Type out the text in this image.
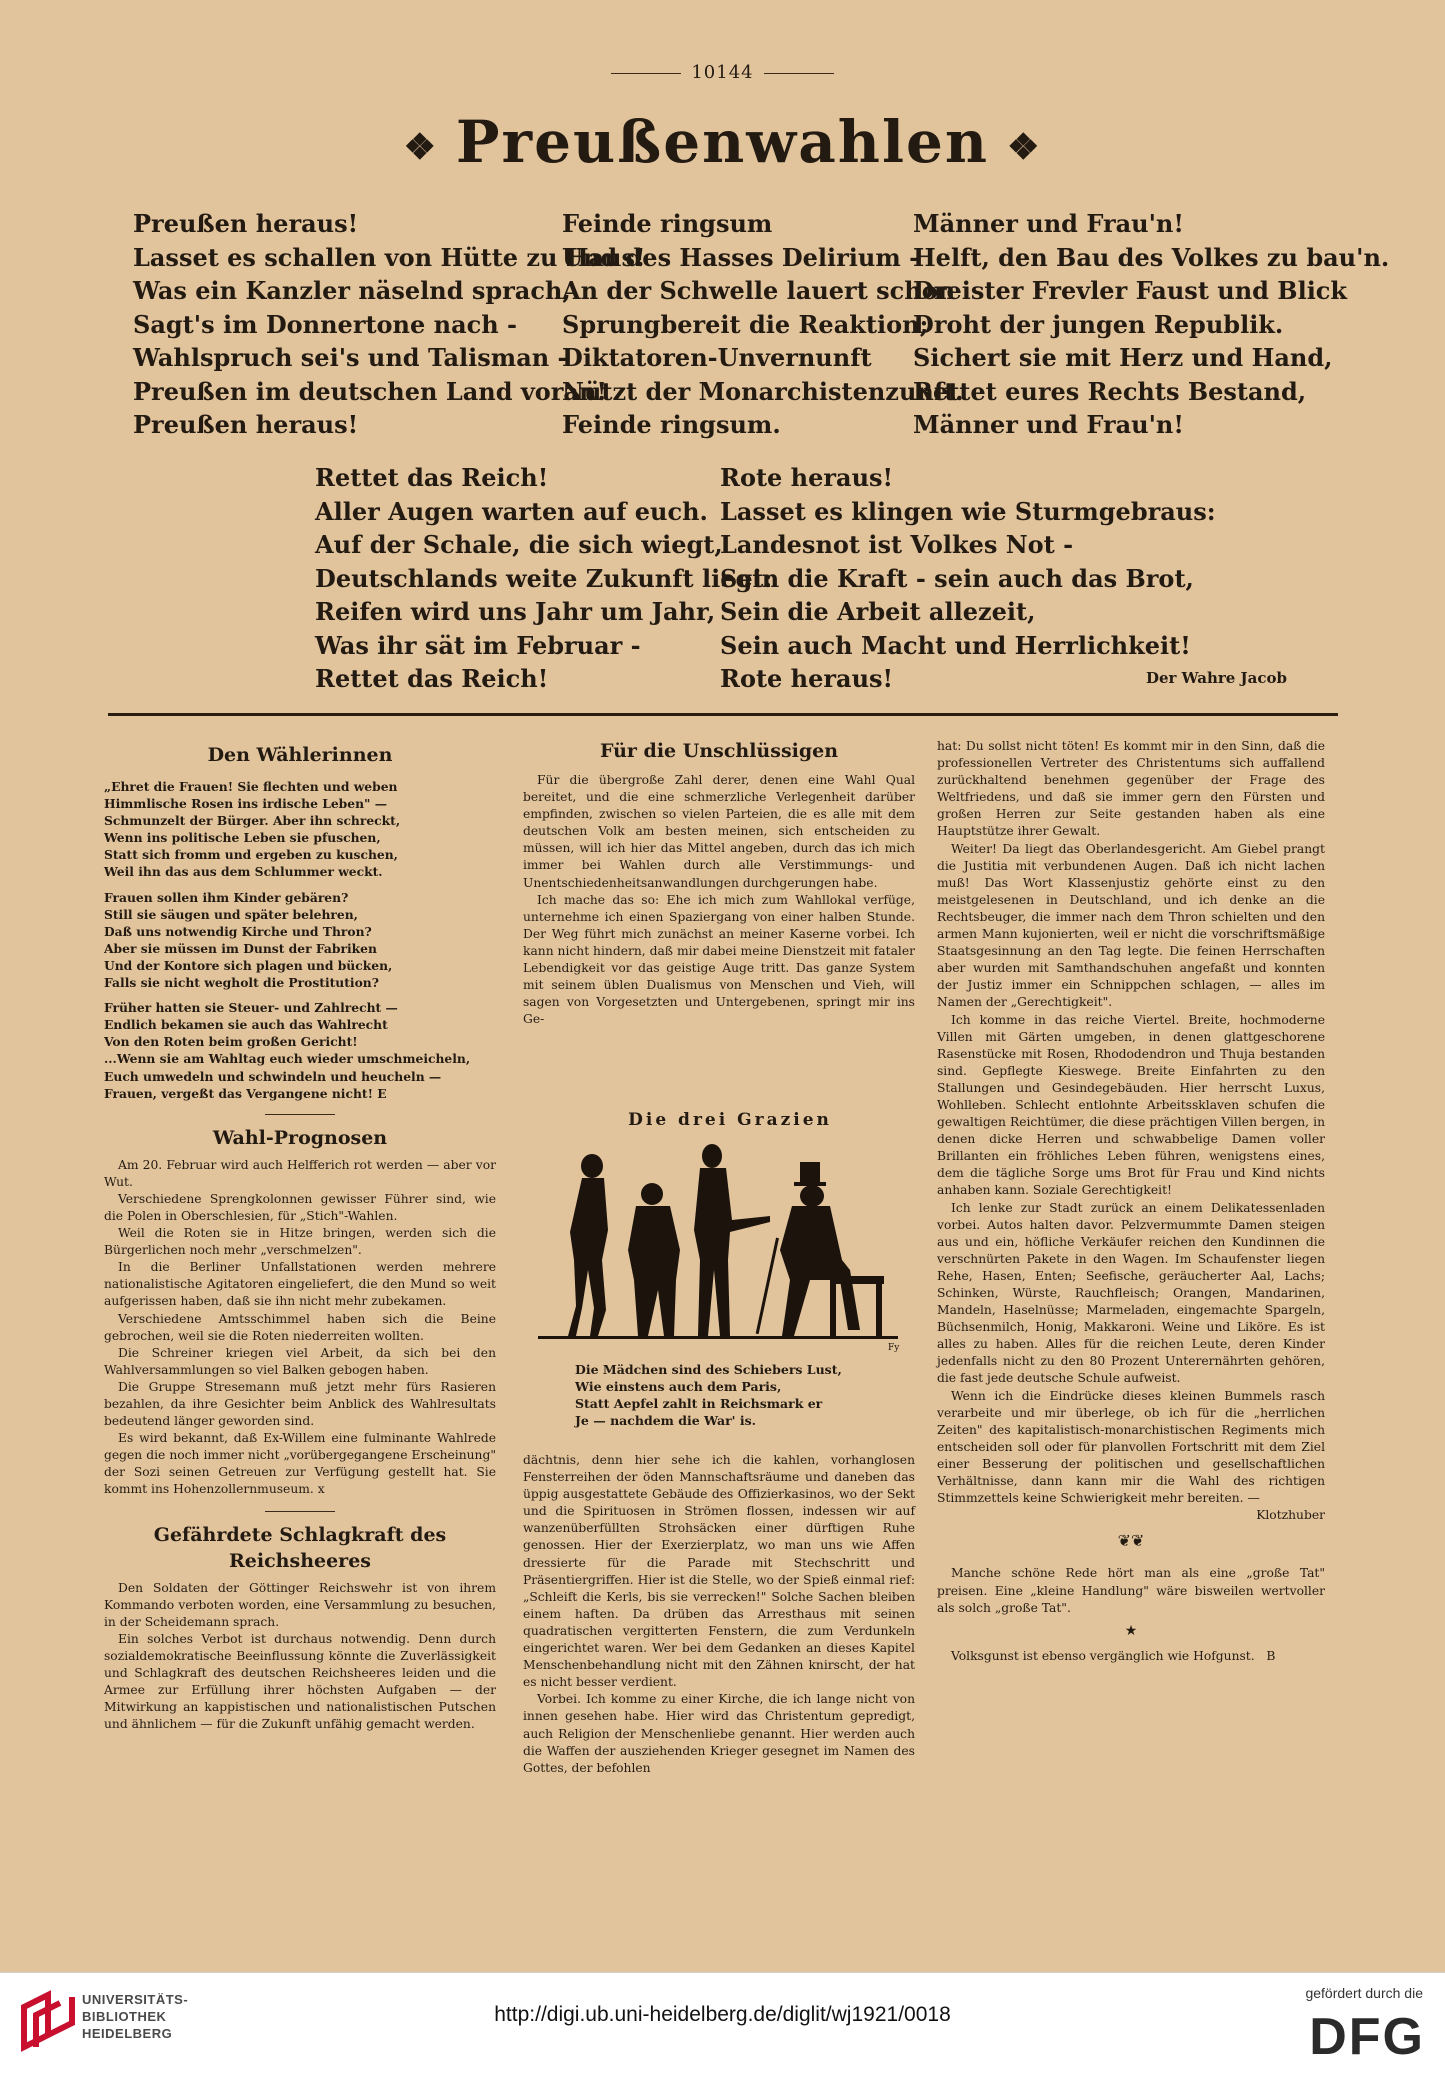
10144
❖ Preußenwahlen ❖
Preußen heraus!
Lasset es schallen von Hütte zu Haus!
Was ein Kanzler näselnd sprach,
Sagt's im Donnertone nach -
Wahlspruch sei's und Talisman -
Preußen im deutschen Land voran!
Preußen heraus!
Feinde ringsum
Und des Hasses Delirium -
An der Schwelle lauert schon
Sprungbereit die Reaktion;
Diktatoren-Unvernunft
Nützt der Monarchistenzunft.
Feinde ringsum.
Männer und Frau'n!
Helft, den Bau des Volkes zu bau'n.
Dreister Frevler Faust und Blick
Droht der jungen Republik.
Sichert sie mit Herz und Hand,
Rettet eures Rechts Bestand,
Männer und Frau'n!
Rettet das Reich!
Aller Augen warten auf euch.
Auf der Schale, die sich wiegt,
Deutschlands weite Zukunft liegt:
Reifen wird uns Jahr um Jahr,
Was ihr sät im Februar -
Rettet das Reich!
Rote heraus!
Lasset es klingen wie Sturmgebraus:
Landesnot ist Volkes Not -
Sein die Kraft - sein auch das Brot,
Sein die Arbeit allezeit,
Sein auch Macht und Herrlichkeit!
Rote heraus!	Der Wahre Jacob
Den Wählerinnen
„Ehret die Frauen! Sie flechten und weben
Himmlische Rosen ins irdische Leben" —
Schmunzelt der Bürger. Aber ihn schreckt,
Wenn ins politische Leben sie pfuschen,
Statt sich fromm und ergeben zu kuschen,
Weil ihn das aus dem Schlummer weckt.
Frauen sollen ihm Kinder gebären?
Still sie säugen und später belehren,
Daß uns notwendig Kirche und Thron?
Aber sie müssen im Dunst der Fabriken
Und der Kontore sich plagen und bücken,
Falls sie nicht wegholt die Prostitution?
Früher hatten sie Steuer- und Zahlrecht —
Endlich bekamen sie auch das Wahlrecht
Von den Roten beim großen Gericht!
...Wenn sie am Wahltag euch wieder umschmeicheln,
Euch umwedeln und schwindeln und heucheln —
Frauen, vergeßt das Vergangene nicht! E
Wahl-Prognosen

Am 20. Februar wird auch Helfferich rot werden — aber vor Wut.

Verschiedene Sprengkolonnen gewisser Führer sind, wie die Polen in Oberschlesien, für „Stich"-Wahlen.

Weil die Roten sie in Hitze bringen, werden sich die Bürgerlichen noch mehr „verschmelzen".

In die Berliner Unfallstationen werden mehrere nationalistische Agitatoren eingeliefert, die den Mund so weit aufgerissen haben, daß sie ihn nicht mehr zubekamen.

Verschiedene Amtsschimmel haben sich die Beine gebrochen, weil sie die Roten niederreiten wollten.

Die Schreiner kriegen viel Arbeit, da sich bei den Wahlversammlungen so viel Balken gebogen haben.

Die Gruppe Stresemann muß jetzt mehr fürs Rasieren bezahlen, da ihre Gesichter beim Anblick des Wahlresultats bedeutend länger geworden sind.

Es wird bekannt, daß Ex-Willem eine fulminante Wahlrede gegen die noch immer nicht „vorübergegangene Erscheinung" der Sozi seinen Getreuen zur Verfügung gestellt hat. Sie kommt ins Hohenzollernmuseum. x

Gefährdete Schlagkraft des Reichsheeres

Den Soldaten der Göttinger Reichswehr ist von ihrem Kommando verboten worden, eine Versammlung zu besuchen, in der Scheidemann sprach.

Ein solches Verbot ist durchaus notwendig. Denn durch sozialdemokratische Beeinflussung könnte die Zuverlässigkeit und Schlagkraft des deutschen Reichsheeres leiden und die Armee zur Erfüllung ihrer höchsten Aufgaben — der Mitwirkung an kappistischen und nationalistischen Putschen und ähnlichem — für die Zukunft unfähig gemacht werden.

Für die Unschlüssigen

Für die übergroße Zahl derer, denen eine Wahl Qual bereitet, und die eine schmerzliche Verlegenheit darüber empfinden, zwischen so vielen Parteien, die es alle mit dem deutschen Volk am besten meinen, sich entscheiden zu müssen, will ich hier das Mittel angeben, durch das ich mich immer bei Wahlen durch alle Verstimmungs- und Unentschiedenheitsanwandlungen durchgerungen habe.

Ich mache das so: Ehe ich mich zum Wahllokal verfüge, unternehme ich einen Spaziergang von einer halben Stunde. Der Weg führt mich zunächst an meiner Kaserne vorbei. Ich kann nicht hindern, daß mir dabei meine Dienstzeit mit fataler Lebendigkeit vor das geistige Auge tritt. Das ganze System mit seinem üblen Dualismus von Menschen und Vieh, will sagen von Vorgesetzten und Untergebenen, springt mir ins Ge-

Die drei Grazien
Fy
Die Mädchen sind des Schiebers Lust,
Wie einstens auch dem Paris,
Statt Aepfel zahlt in Reichsmark er
Je — nachdem die War' is.

dächtnis, denn hier sehe ich die kahlen, vorhanglosen Fensterreihen der öden Mannschaftsräume und daneben das üppig ausgestattete Gebäude des Offizierkasinos, wo der Sekt und die Spirituosen in Strömen flossen, indessen wir auf wanzenüberfüllten Strohsäcken einer dürftigen Ruhe genossen. Hier der Exerzierplatz, wo man uns wie Affen dressierte für die Parade mit Stechschritt und Präsentiergriffen. Hier ist die Stelle, wo der Spieß einmal rief: „Schleift die Kerls, bis sie verrecken!" Solche Sachen bleiben einem haften. Da drüben das Arresthaus mit seinen quadratischen vergitterten Fenstern, die zum Verdunkeln eingerichtet waren. Wer bei dem Gedanken an dieses Kapitel Menschenbehandlung nicht mit den Zähnen knirscht, der hat es nicht besser verdient.

Vorbei. Ich komme zu einer Kirche, die ich lange nicht von innen gesehen habe. Hier wird das Christentum gepredigt, auch Religion der Menschenliebe genannt. Hier werden auch die Waffen der ausziehenden Krieger gesegnet im Namen des Gottes, der befohlen

hat: Du sollst nicht töten! Es kommt mir in den Sinn, daß die professionellen Vertreter des Christentums sich auffallend zurückhaltend benehmen gegenüber der Frage des Weltfriedens, und daß sie immer gern den Fürsten und großen Herren zur Seite gestanden haben als eine Hauptstütze ihrer Gewalt.

Weiter! Da liegt das Oberlandesgericht. Am Giebel prangt die Justitia mit verbundenen Augen. Daß ich nicht lachen muß! Das Wort Klassenjustiz gehörte einst zu den meistgelesenen in Deutschland, und ich denke an die Rechtsbeuger, die immer nach dem Thron schielten und den armen Mann kujonierten, weil er nicht die vorschriftsmäßige Staatsgesinnung an den Tag legte. Die feinen Herrschaften aber wurden mit Samthandschuhen angefaßt und konnten der Justiz immer ein Schnippchen schlagen, — alles im Namen der „Gerechtigkeit".

Ich komme in das reiche Viertel. Breite, hochmoderne Villen mit Gärten umgeben, in denen glattgeschorene Rasenstücke mit Rosen, Rhododendron und Thuja bestanden sind. Gepflegte Kieswege. Breite Einfahrten zu den Stallungen und Gesindegebäuden. Hier herrscht Luxus, Wohlleben. Schlecht entlohnte Arbeitssklaven schufen die gewaltigen Reichtümer, die diese prächtigen Villen bergen, in denen dicke Herren und schwabbelige Damen voller Brillanten ein fröhliches Leben führen, wenigstens eines, dem die tägliche Sorge ums Brot für Frau und Kind nichts anhaben kann. Soziale Gerechtigkeit!

Ich lenke zur Stadt zurück an einem Delikatessenladen vorbei. Autos halten davor. Pelzvermummte Damen steigen aus und ein, höfliche Verkäufer reichen den Kundinnen die verschnürten Pakete in den Wagen. Im Schaufenster liegen Rehe, Hasen, Enten; Seefische, geräucherter Aal, Lachs; Schinken, Würste, Rauchfleisch; Orangen, Mandarinen, Mandeln, Haselnüsse; Marmeladen, eingemachte Spargeln, Büchsenmilch, Honig, Makkaroni. Weine und Liköre. Es ist alles zu haben. Alles für die reichen Leute, deren Kinder jedenfalls nicht zu den 80 Prozent Unterernährten gehören, die fast jede deutsche Schule aufweist.

Wenn ich die Eindrücke dieses kleinen Bummels rasch verarbeite und mir überlege, ob ich für die „herrlichen Zeiten" des kapitalistisch-monarchistischen Regiments mich entscheiden soll oder für planvollen Fortschritt mit dem Ziel einer Besserung der politischen und gesellschaftlichen Verhältnisse, dann kann mir die Wahl des richtigen Stimmzettels keine Schwierigkeit mehr bereiten. —

Klotzhuber
❦❦

Manche schöne Rede hört man als eine „große Tat" preisen. Eine „kleine Handlung" wäre bisweilen wertvoller als solch „große Tat".

★

Volksgunst ist ebenso vergänglich wie Hofgunst. B

UNIVERSITÄTS-
BIBLIOTHEK
HEIDELBERG
http://digi.ub.uni-heidelberg.de/diglit/wj1921/0018
gefördert durch die
DFG
